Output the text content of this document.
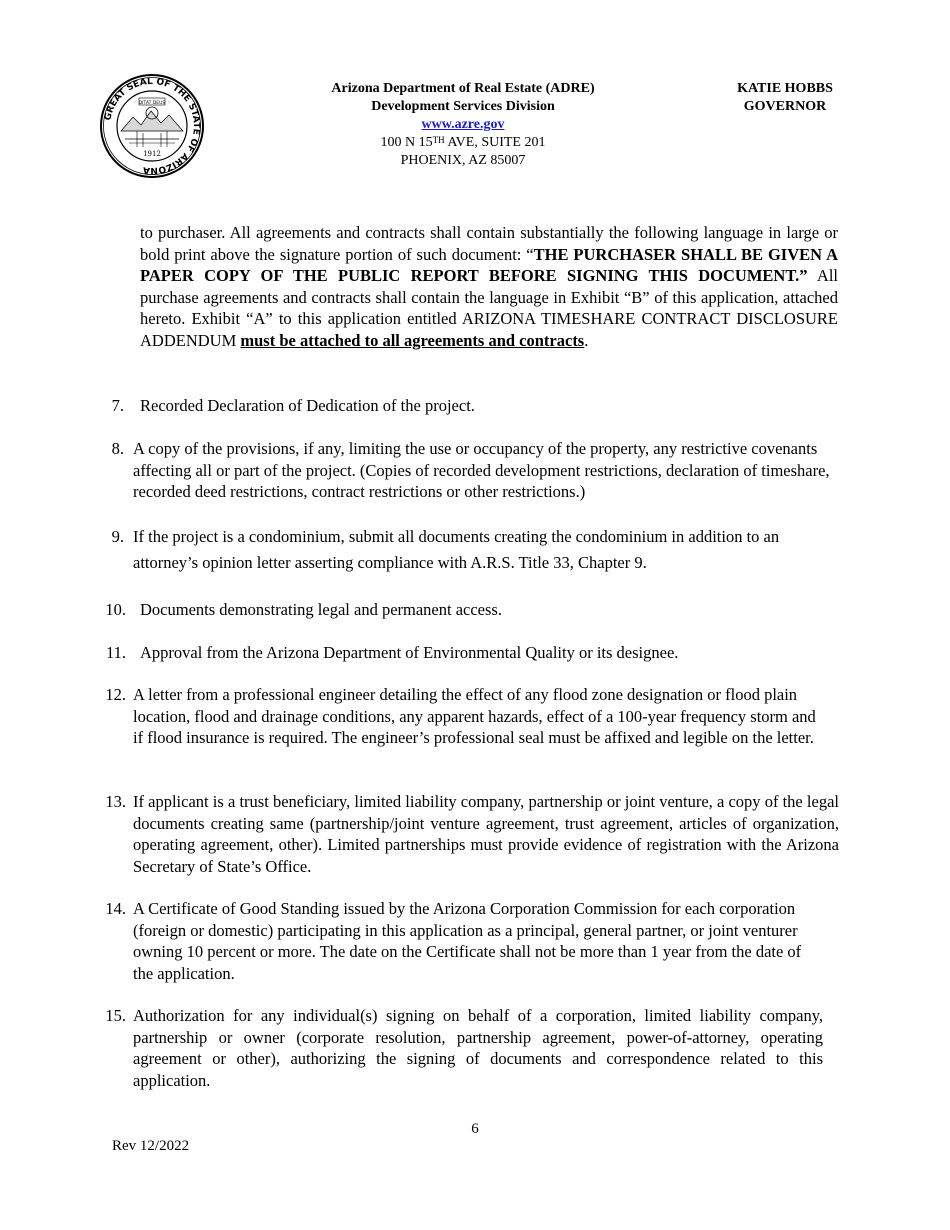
GREAT SEAL OF THE STATE OF ARIZONA
DITAT DEUS
1912
Arizona Department of Real Estate (ADRE)
Development Services Division
www.azre.gov
100 N 15TH AVE, SUITE 201
PHOENIX, AZ 85007
KATIE HOBBS
GOVERNOR
to purchaser. All agreements and contracts shall contain substantially the following language in large or bold print above the signature portion of such document: “THE PURCHASER SHALL BE GIVEN A PAPER COPY OF THE PUBLIC REPORT BEFORE SIGNING THIS DOCUMENT.” All purchase agreements and contracts shall contain the language in Exhibit “B” of this application, attached hereto. Exhibit “A” to this application entitled ARIZONA TIMESHARE CONTRACT DISCLOSURE ADDENDUM must be attached to all agreements and contracts.
7. Recorded Declaration of Dedication of the project.
8. A copy of the provisions, if any, limiting the use or occupancy of the property, any restrictive covenants affecting all or part of the project. (Copies of recorded development restrictions, declaration of timeshare, recorded deed restrictions, contract restrictions or other restrictions.)
9. If the project is a condominium, submit all documents creating the condominium in addition to an attorney’s opinion letter asserting compliance with A.R.S. Title 33, Chapter 9.
10. Documents demonstrating legal and permanent access.
11. Approval from the Arizona Department of Environmental Quality or its designee.
12. A letter from a professional engineer detailing the effect of any flood zone designation or flood plain location, flood and drainage conditions, any apparent hazards, effect of a 100-year frequency storm and if flood insurance is required. The engineer’s professional seal must be affixed and legible on the letter.
13. If applicant is a trust beneficiary, limited liability company, partnership or joint venture, a copy of the legal documents creating same (partnership/joint venture agreement, trust agreement, articles of organization, operating agreement, other). Limited partnerships must provide evidence of registration with the Arizona Secretary of State’s Office.
14. A Certificate of Good Standing issued by the Arizona Corporation Commission for each corporation (foreign or domestic) participating in this application as a principal, general partner, or joint venturer owning 10 percent or more. The date on the Certificate shall not be more than 1 year from the date of the application.
15. Authorization for any individual(s) signing on behalf of a corporation, limited liability company, partnership or owner (corporate resolution, partnership agreement, power-of-attorney, operating agreement or other), authorizing the signing of documents and correspondence related to this application.
6
Rev 12/2022
